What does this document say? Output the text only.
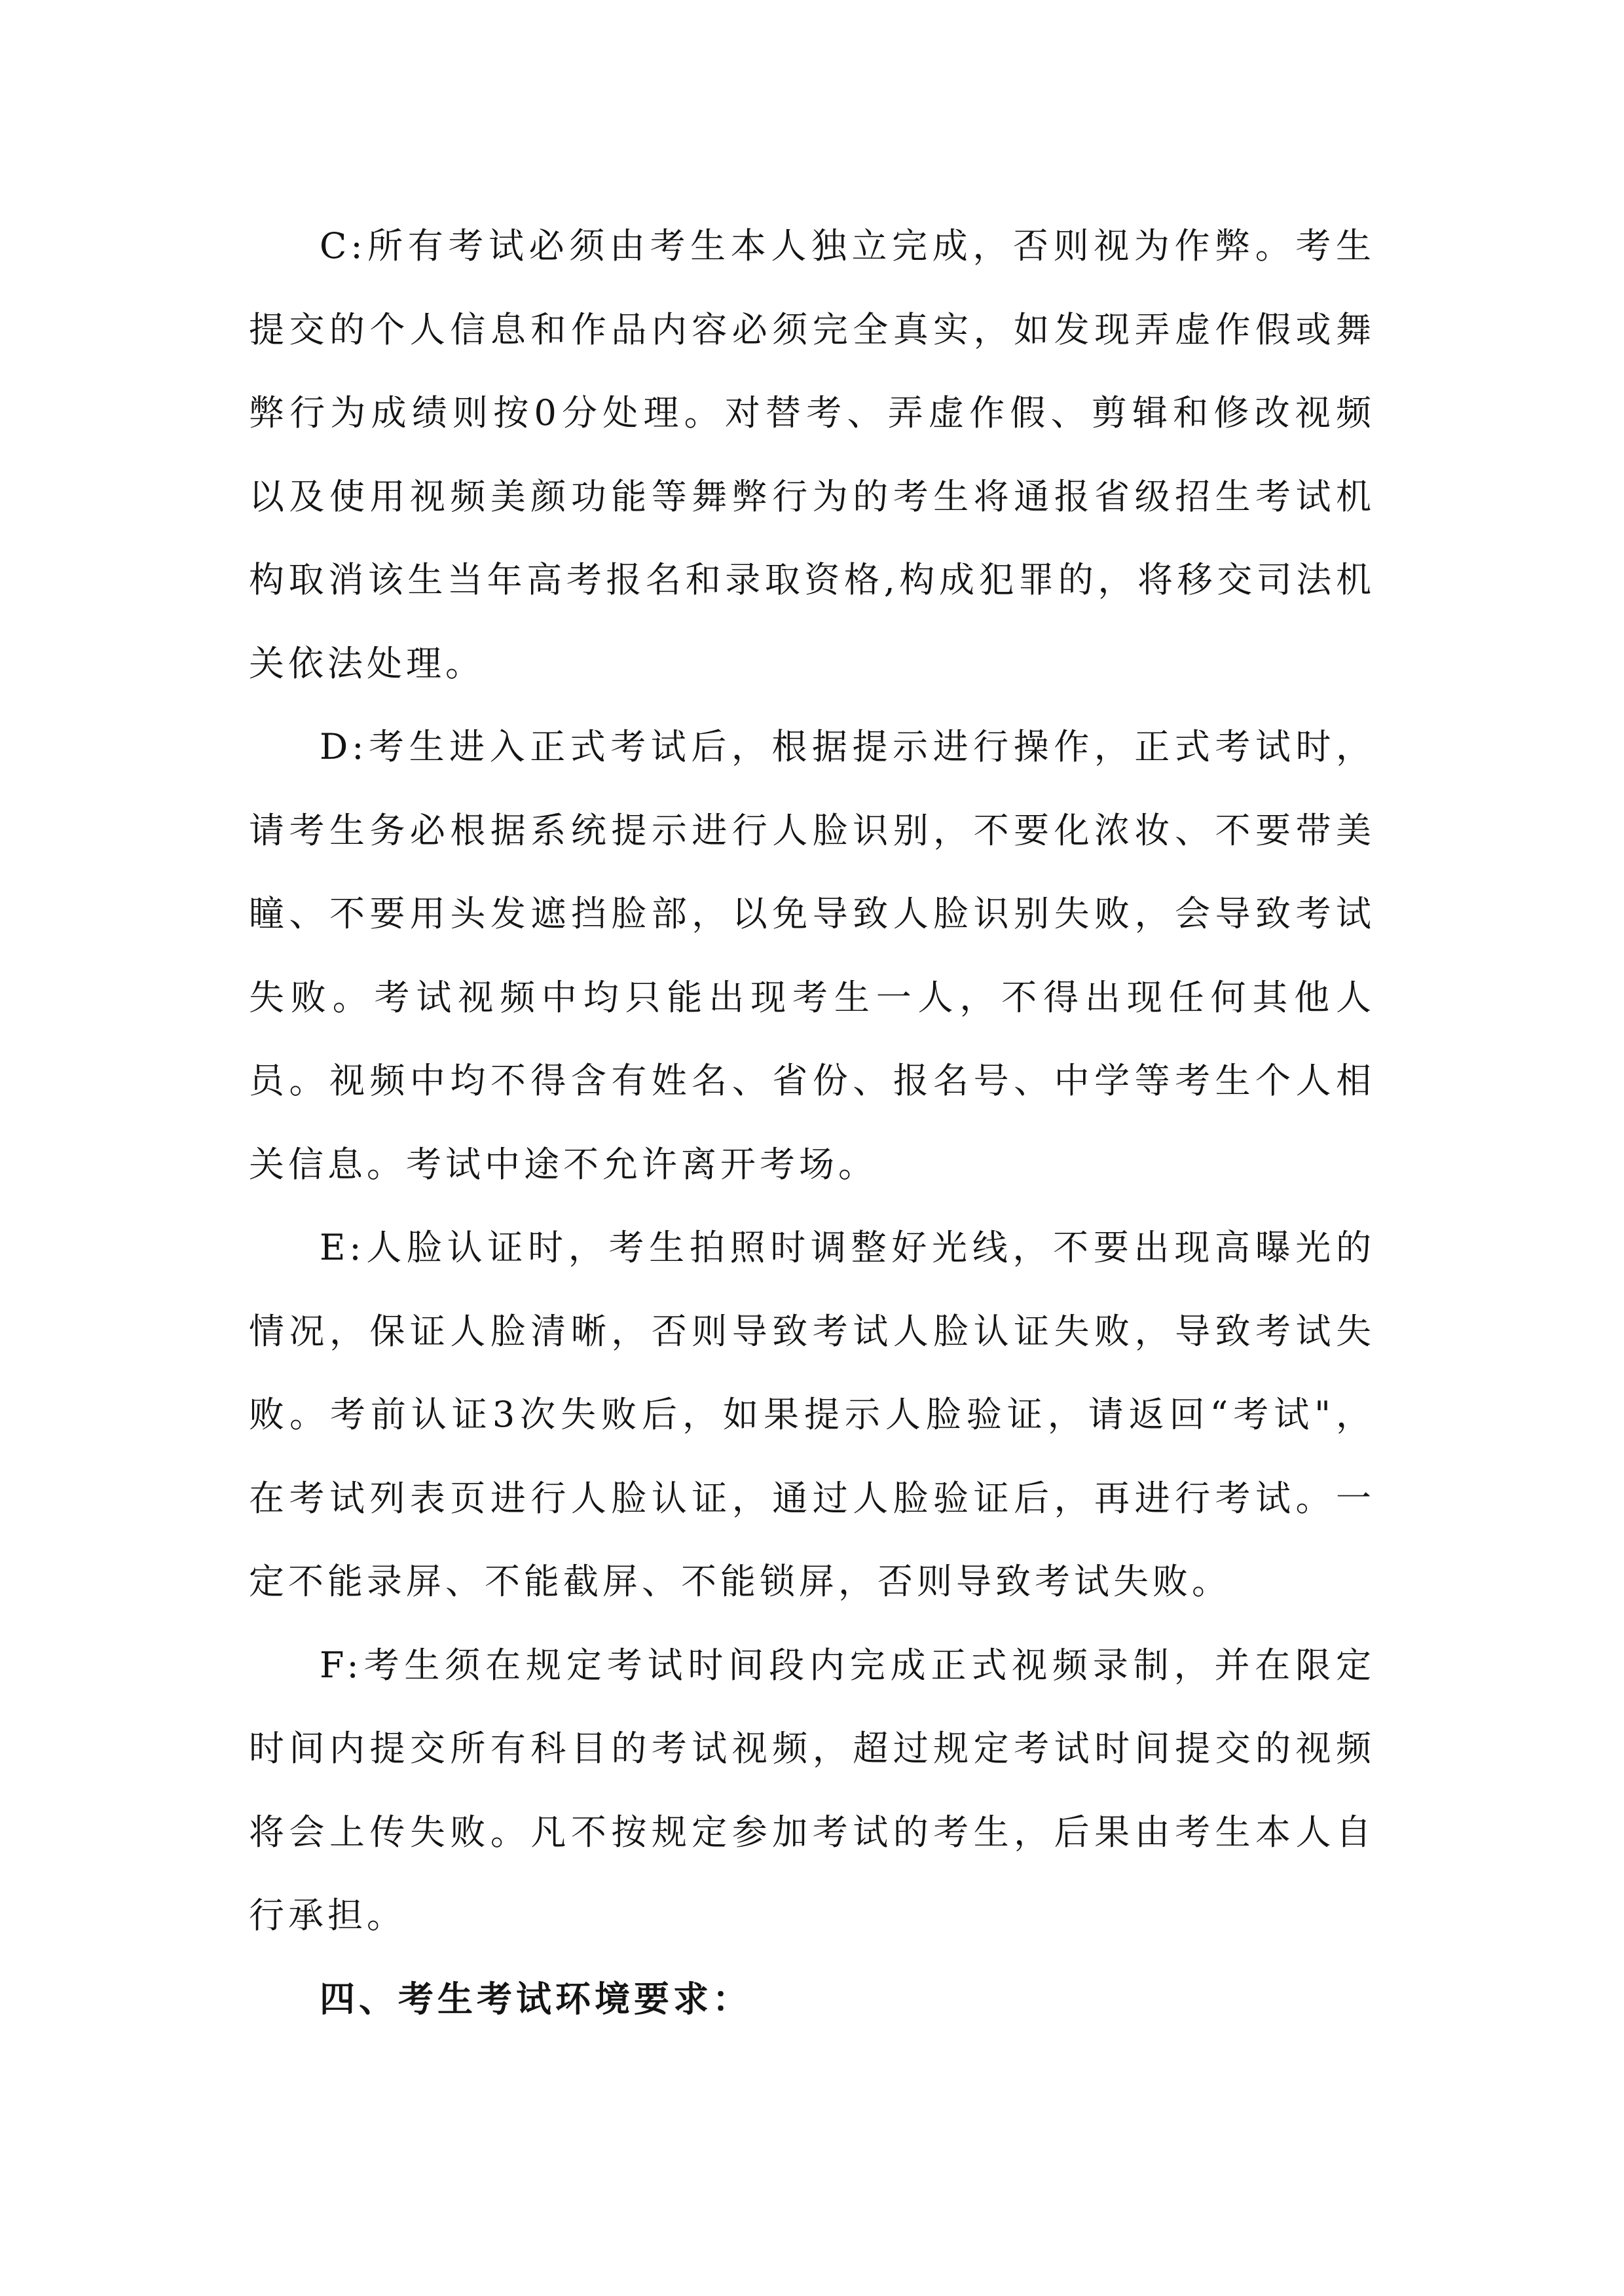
C:所有考试必须由考生本人独立完成，否则视为作弊。考生提交的个人信息和作品内容必须完全真实，如发现弄虚作假或舞弊行为成绩则按0分处理。对替考、弄虚作假、剪辑和修改视频以及使用视频美颜功能等舞弊行为的考生将通报省级招生考试机构取消该生当年高考报名和录取资格,构成犯罪的，将移交司法机关依法处理。

D:考生进入正式考试后，根据提示进行操作，正式考试时，请考生务必根据系统提示进行人脸识别，不要化浓妆、不要带美瞳、不要用头发遮挡脸部，以免导致人脸识别失败，会导致考试失败。考试视频中均只能出现考生一人，不得出现任何其他人员。视频中均不得含有姓名、省份、报名号、中学等考生个人相关信息。考试中途不允许离开考场。

E:人脸认证时，考生拍照时调整好光线，不要出现高曝光的情况，保证人脸清晰，否则导致考试人脸认证失败，导致考试失败。考前认证3次失败后，如果提示人脸验证，请返回“考试"，在考试列表页进行人脸认证，通过人脸验证后，再进行考试。一定不能录屏、不能截屏、不能锁屏，否则导致考试失败。

F:考生须在规定考试时间段内完成正式视频录制，并在限定时间内提交所有科目的考试视频，超过规定考试时间提交的视频将会上传失败。凡不按规定参加考试的考生，后果由考生本人自行承担。

四、考生考试环境要求：
